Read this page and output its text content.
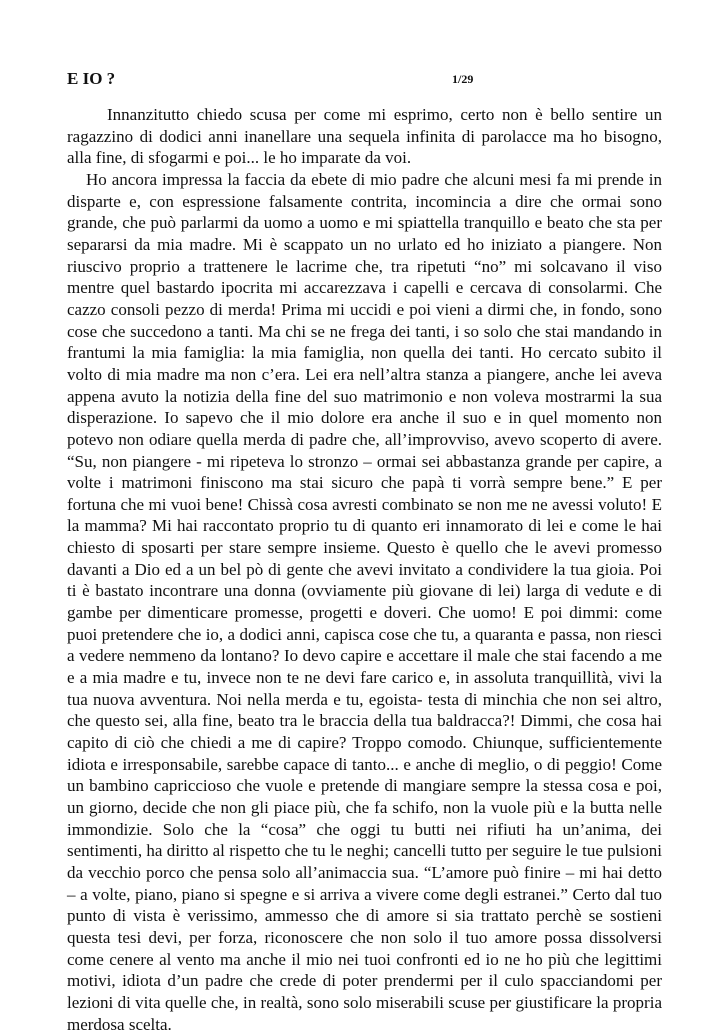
E IO ?	1/29

Innanzitutto chiedo scusa per come mi esprimo, certo non è bello sentire un ragazzino di dodici anni inanellare una sequela infinita di parolacce ma ho bisogno, alla fine, di sfogarmi e poi... le ho imparate da voi.

Ho ancora impressa la faccia da ebete di mio padre che alcuni mesi fa mi prende in disparte e, con espressione falsamente contrita, incomincia a dire che ormai sono grande, che può parlarmi da uomo a uomo e mi spiattella tranquillo e beato che sta per separarsi da mia madre. Mi è scappato un no urlato ed ho iniziato a piangere. Non riuscivo proprio a trattenere le lacrime che, tra ripetuti “no” mi solcavano il viso mentre quel bastardo ipocrita mi accarezzava i capelli e cercava di consolarmi. Che cazzo consoli pezzo di merda! Prima mi uccidi e poi vieni a dirmi che, in fondo, sono cose che succedono a tanti. Ma chi se ne frega dei tanti, i so solo che stai mandando in frantumi la mia famiglia: la mia famiglia, non quella dei tanti. Ho cercato subito il volto di mia madre ma non c’era. Lei era nell’altra stanza a piangere, anche lei aveva appena avuto la notizia della fine del suo matrimonio e non voleva mostrarmi la sua disperazione. Io sapevo che il mio dolore era anche il suo e in quel momento non potevo non odiare quella merda di padre che, all’improvviso, avevo scoperto di avere. “Su, non piangere - mi ripeteva lo stronzo – ormai sei abbastanza grande per capire, a volte i matrimoni finiscono ma stai sicuro che papà ti vorrà sempre bene.” E per fortuna che mi vuoi bene! Chissà cosa avresti combinato se non me ne avessi voluto! E la mamma? Mi hai raccontato proprio tu di quanto eri innamorato di lei e come le hai chiesto di sposarti per stare sempre insieme. Questo è quello che le avevi promesso davanti a Dio ed a un bel pò di gente che avevi invitato a condividere la tua gioia. Poi ti è bastato incontrare una donna (ovviamente più giovane di lei) larga di vedute e di gambe per dimenticare promesse, progetti e doveri. Che uomo! E poi dimmi: come puoi pretendere che io, a dodici anni, capisca cose che tu, a quaranta e passa, non riesci a vedere nemmeno da lontano? Io devo capire e accettare il male che stai facendo a me e a mia madre e tu, invece non te ne devi fare carico e, in assoluta tranquillità, vivi la tua nuova avventura. Noi nella merda e tu, egoista- testa di minchia che non sei altro, che questo sei, alla fine, beato tra le braccia della tua baldracca?! Dimmi, che cosa hai capito di ciò che chiedi a me di capire? Troppo comodo. Chiunque, sufficientemente idiota e irresponsabile, sarebbe capace di tanto... e anche di meglio, o di peggio! Come un bambino capriccioso che vuole e pretende di mangiare sempre la stessa cosa e poi, un giorno, decide che non gli piace più, che fa schifo, non la vuole più e la butta nelle immondizie. Solo che la “cosa” che oggi tu butti nei rifiuti ha un’anima, dei sentimenti, ha diritto al rispetto che tu le neghi; cancelli tutto per seguire le tue pulsioni da vecchio porco che pensa solo all’animaccia sua. “L’amore può finire – mi hai detto – a volte, piano, piano si spegne e si arriva a vivere come degli estranei.” Certo dal tuo punto di vista è verissimo, ammesso che di amore si sia trattato perchè se sostieni questa tesi devi, per forza, riconoscere che non solo il tuo amore possa dissolversi come cenere al vento ma anche il mio nei tuoi confronti ed io ne ho più che legittimi motivi, idiota d’un padre che crede di poter prendermi per il culo spacciandomi per lezioni di vita quelle che, in realtà, sono solo miserabili scuse per giustificare la propria merdosa scelta.
